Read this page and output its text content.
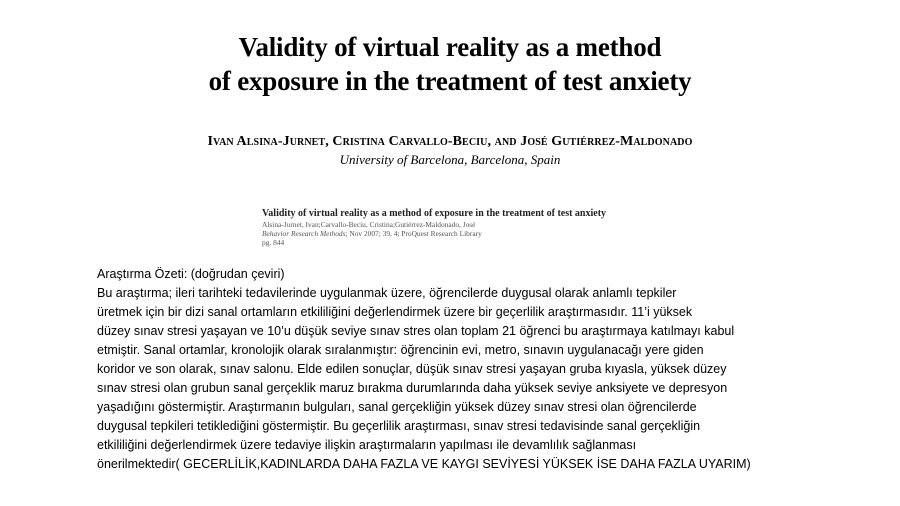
Validity of virtual reality as a method
of exposure in the treatment of test anxiety
Ivan Alsina-Jurnet, Cristina Carvallo-Beciu, and José Gutiérrez-Maldonado
University of Barcelona, Barcelona, Spain
Validity of virtual reality as a method of exposure in the treatment of test anxiety
Alsina-Jurnet, Ivan;Carvallo-Beciu, Cristina;Gutiérrez-Maldonado, José
Behavior Research Methods; Nov 2007; 39, 4; ProQuest Research Library
pg. 844

Araştırma Özeti: (doğrudan çeviri)

Bu araştırma; ileri tarihteki tedavilerinde uygulanmak üzere, öğrencilerde duygusal olarak anlamlı tepkiler

üretmek için bir dizi sanal ortamların etkililiğini değerlendirmek üzere bir geçerlilik araştırmasıdır. 11’i yüksek

düzey sınav stresi yaşayan ve 10’u düşük seviye sınav stres olan toplam 21 öğrenci bu araştırmaya katılmayı kabul

etmiştir. Sanal ortamlar, kronolojik olarak sıralanmıştır: öğrencinin evi, metro, sınavın uygulanacağı yere giden

koridor ve son olarak, sınav salonu. Elde edilen sonuçlar, düşük sınav stresi yaşayan gruba kıyasla, yüksek düzey

sınav stresi olan grubun sanal gerçeklik maruz bırakma durumlarında daha yüksek seviye anksiyete ve depresyon

yaşadığını göstermiştir. Araştırmanın bulguları, sanal gerçekliğin yüksek düzey sınav stresi olan öğrencilerde

duygusal tepkileri tetiklediğini göstermiştir. Bu geçerlilik araştırması, sınav stresi tedavisinde sanal gerçekliğin

etkililiğini değerlendirmek üzere tedaviye ilişkin araştırmaların yapılması ile devamlılık sağlanması

önerilmektedir( GECERLİLİK,KADINLARDA DAHA FAZLA VE KAYGI SEVİYESİ YÜKSEK İSE DAHA FAZLA UYARIM)
